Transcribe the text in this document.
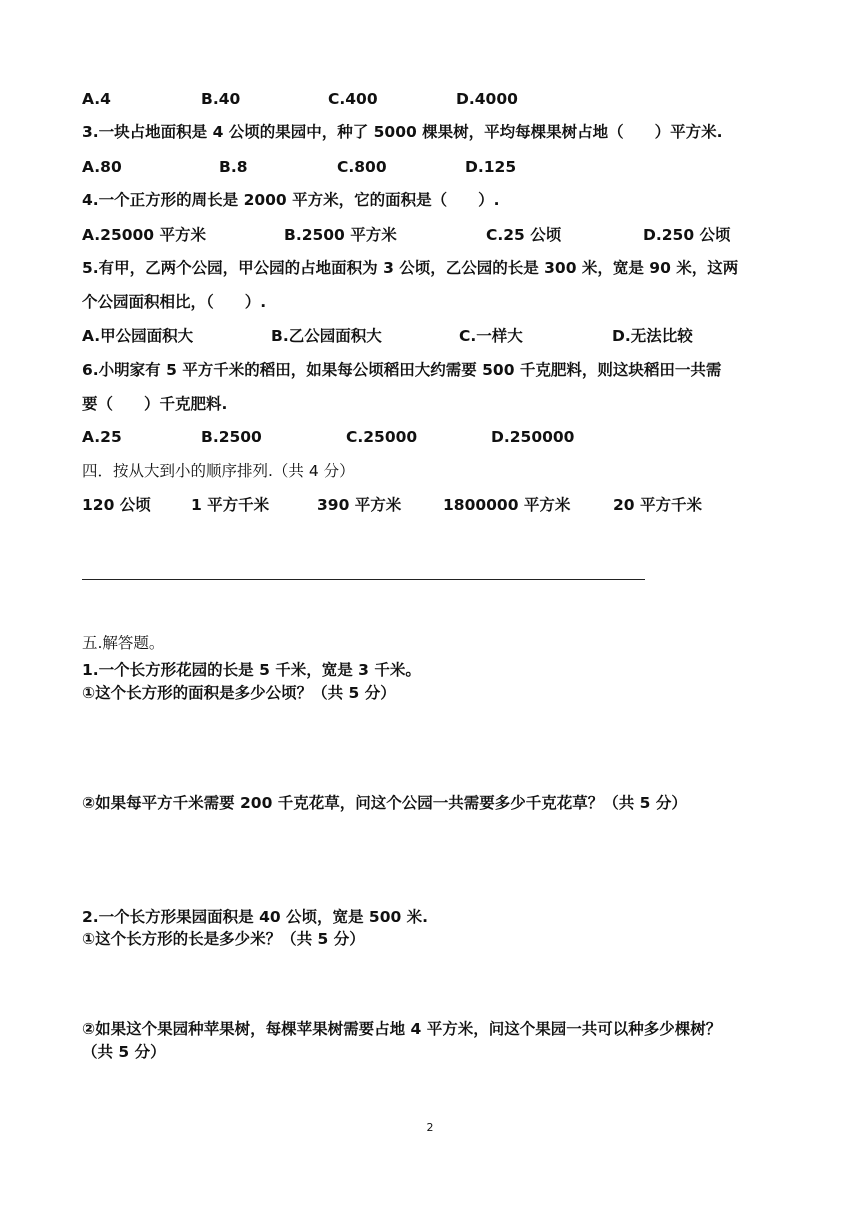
A.4	B.40	C.400	D.4000
3.一块占地面积是 4 公顷的果园中，种了 5000 棵果树，平均每棵果树占地（　　）平方米.
A.80	B.8	C.800	D.125
4.一个正方形的周长是 2000 平方米，它的面积是（　　）.
A.25000 平方米	B.2500 平方米	C.25 公顷	D.250 公顷
5.有甲，乙两个公园，甲公园的占地面积为 3 公顷，乙公园的长是 300 米，宽是 90 米，这两
个公园面积相比，（　　）.
A.甲公园面积大	B.乙公园面积大	C.一样大	D.无法比较
6.小明家有 5 平方千米的稻田，如果每公顷稻田大约需要 500 千克肥料，则这块稻田一共需
要（　　）千克肥料.
A.25	B.2500	C.25000	D.250000
四．按从大到小的顺序排列.（共 4 分）
120 公顷	1 平方千米	390 平方米	1800000 平方米	20 平方千米
五.解答题。
1.一个长方形花园的长是 5 千米，宽是 3 千米。
①这个长方形的面积是多少公顷？（共 5 分）
②如果每平方千米需要 200 千克花草，问这个公园一共需要多少千克花草？（共 5 分）
2.一个长方形果园面积是 40 公顷，宽是 500 米.
①这个长方形的长是多少米？（共 5 分）
②如果这个果园种苹果树，每棵苹果树需要占地 4 平方米，问这个果园一共可以种多少棵树？
（共 5 分）
2
